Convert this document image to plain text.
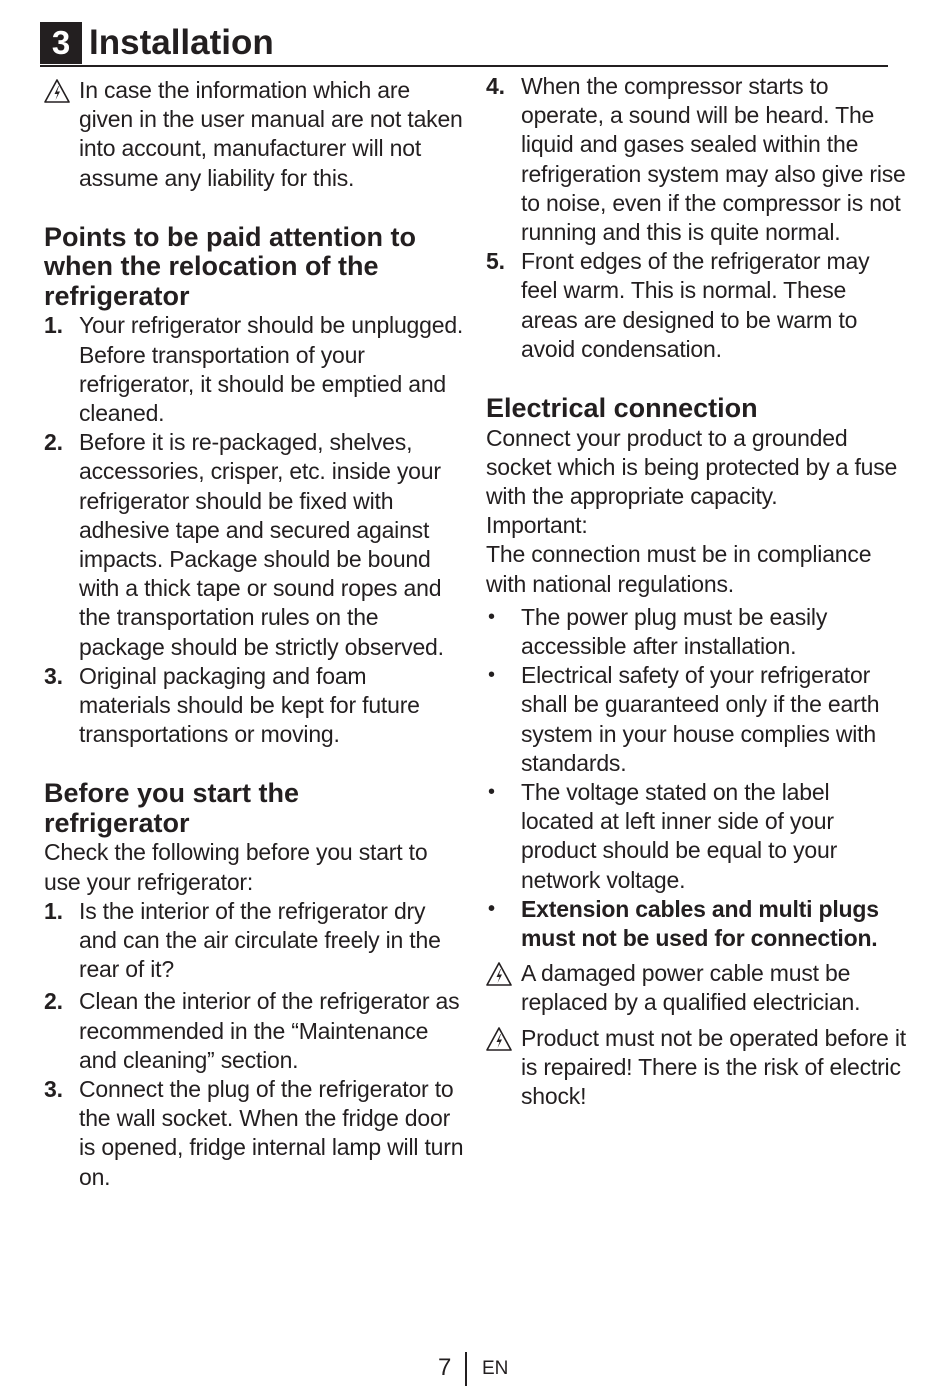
3 Installation
In case the information which are given in the user manual are not taken into account, manufacturer will not assume any liability for this.
Points to be paid attention to when the relocation of the refrigerator
1. Your refrigerator should be unplugged. Before transportation of your refrigerator, it should be emptied and cleaned.
2. Before it is re-packaged, shelves, accessories, crisper, etc. inside your refrigerator should be fixed with adhesive tape and secured against impacts. Package should be bound with a thick tape or sound ropes and the transportation rules on the package should be strictly observed.
3. Original packaging and foam materials should be kept for future transportations or moving.
Before you start the refrigerator

Check the following before you start to use your refrigerator:

1. Is the interior of the refrigerator dry and can the air circulate freely in the rear of it?
2. Clean the interior of the refrigerator as recommended in the “Maintenance and cleaning” section.
3. Connect the plug of the refrigerator to the wall socket. When the fridge door is opened, fridge internal lamp will turn on.
4. When the compressor starts to operate, a sound will be heard. The liquid and gases sealed within the refrigeration system may also give rise to noise, even if the compressor is not running and this is quite normal.
5. Front edges of the refrigerator may feel warm. This is normal. These areas are designed to be warm to avoid condensation.
Electrical connection

Connect your product to a grounded socket which is being protected by a fuse with the appropriate capacity.

Important:

The connection must be in compliance with national regulations.

• The power plug must be easily accessible after installation.
• Electrical safety of your refrigerator shall be guaranteed only if the earth system in your house complies with standards.
• The voltage stated on the label located at left inner side of your product should be equal to your network voltage.
• Extension cables and multi plugs must not be used for connection.
A damaged power cable must be replaced by a qualified electrician.
Product must not be operated before it is repaired! There is the risk of electric shock!
7 EN
